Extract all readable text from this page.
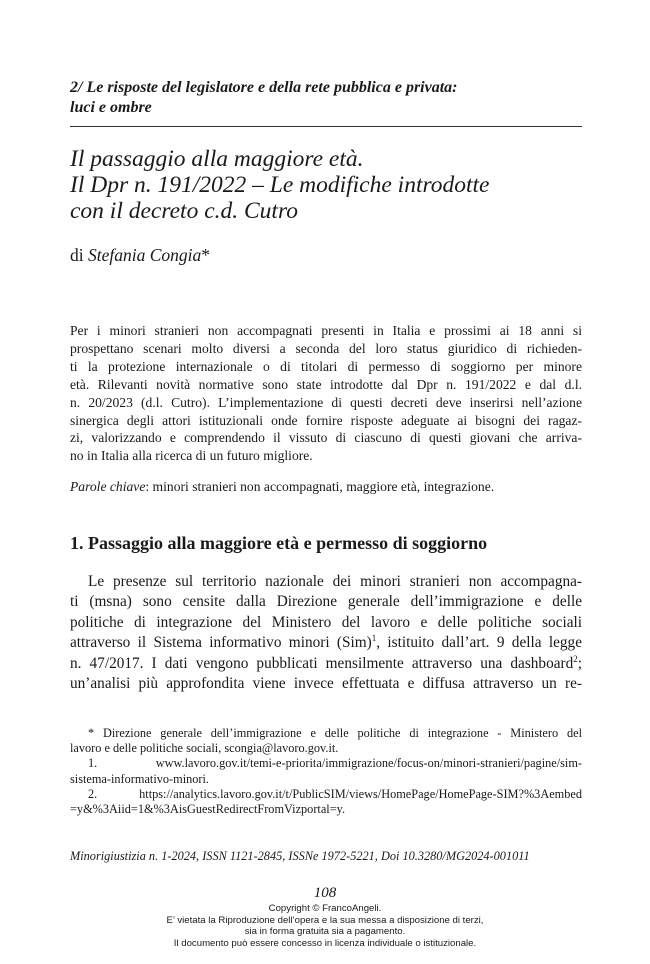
2/ Le risposte del legislatore e della rete pubblica e privata:
luci e ombre
Il passaggio alla maggiore età.
Il Dpr n. 191/2022 – Le modifiche introdotte
con il decreto c.d. Cutro
di Stefania Congia*
Per i minori stranieri non accompagnati presenti in Italia e prossimi ai 18 anni si
prospettano scenari molto diversi a seconda del loro status giuridico di richieden-
ti la protezione internazionale o di titolari di permesso di soggiorno per minore
età. Rilevanti novità normative sono state introdotte dal Dpr n. 191/2022 e dal d.l.
n. 20/2023 (d.l. Cutro). L’implementazione di questi decreti deve inserirsi nell’azione
sinergica degli attori istituzionali onde fornire risposte adeguate ai bisogni dei ragaz-
zi, valorizzando e comprendendo il vissuto di ciascuno di questi giovani che arriva-
no in Italia alla ricerca di un futuro migliore.
Parole chiave: minori stranieri non accompagnati, maggiore età, integrazione.
1. Passaggio alla maggiore età e permesso di soggiorno
Le presenze sul territorio nazionale dei minori stranieri non accompagna-
ti (msna) sono censite dalla Direzione generale dell’immigrazione e delle
politiche di integrazione del Ministero del lavoro e delle politiche sociali
attraverso il Sistema informativo minori (Sim)$^1$, istituito dall’art. 9 della legge
n. 47/2017. I dati vengono pubblicati mensilmente attraverso una dashboard$^2$;
un’analisi più approfondita viene invece effettuata e diffusa attraverso un re-
* Direzione generale dell’immigrazione e delle politiche di integrazione - Ministero del
lavoro e delle politiche sociali, scongia@lavoro.gov.it.
1. www.lavoro.gov.it/temi-e-priorita/immigrazione/focus-on/minori-stranieri/pagine/sim-
sistema-informativo-minori.
2. https://analytics.lavoro.gov.it/t/PublicSIM/views/HomePage/HomePage-SIM?%3Aembed
=y&%3Aiid=1&%3AisGuestRedirectFromVizportal=y.
Minorigiustizia n. 1-2024, ISSN 1121-2845, ISSNe 1972-5221, Doi 10.3280/MG2024-001011
108
Copyright © FrancoAngeli.
E’ vietata la Riproduzione dell’opera e la sua messa a disposizione di terzi,
sia in forma gratuita sia a pagamento.
Il documento può essere concesso in licenza individuale o istituzionale.
